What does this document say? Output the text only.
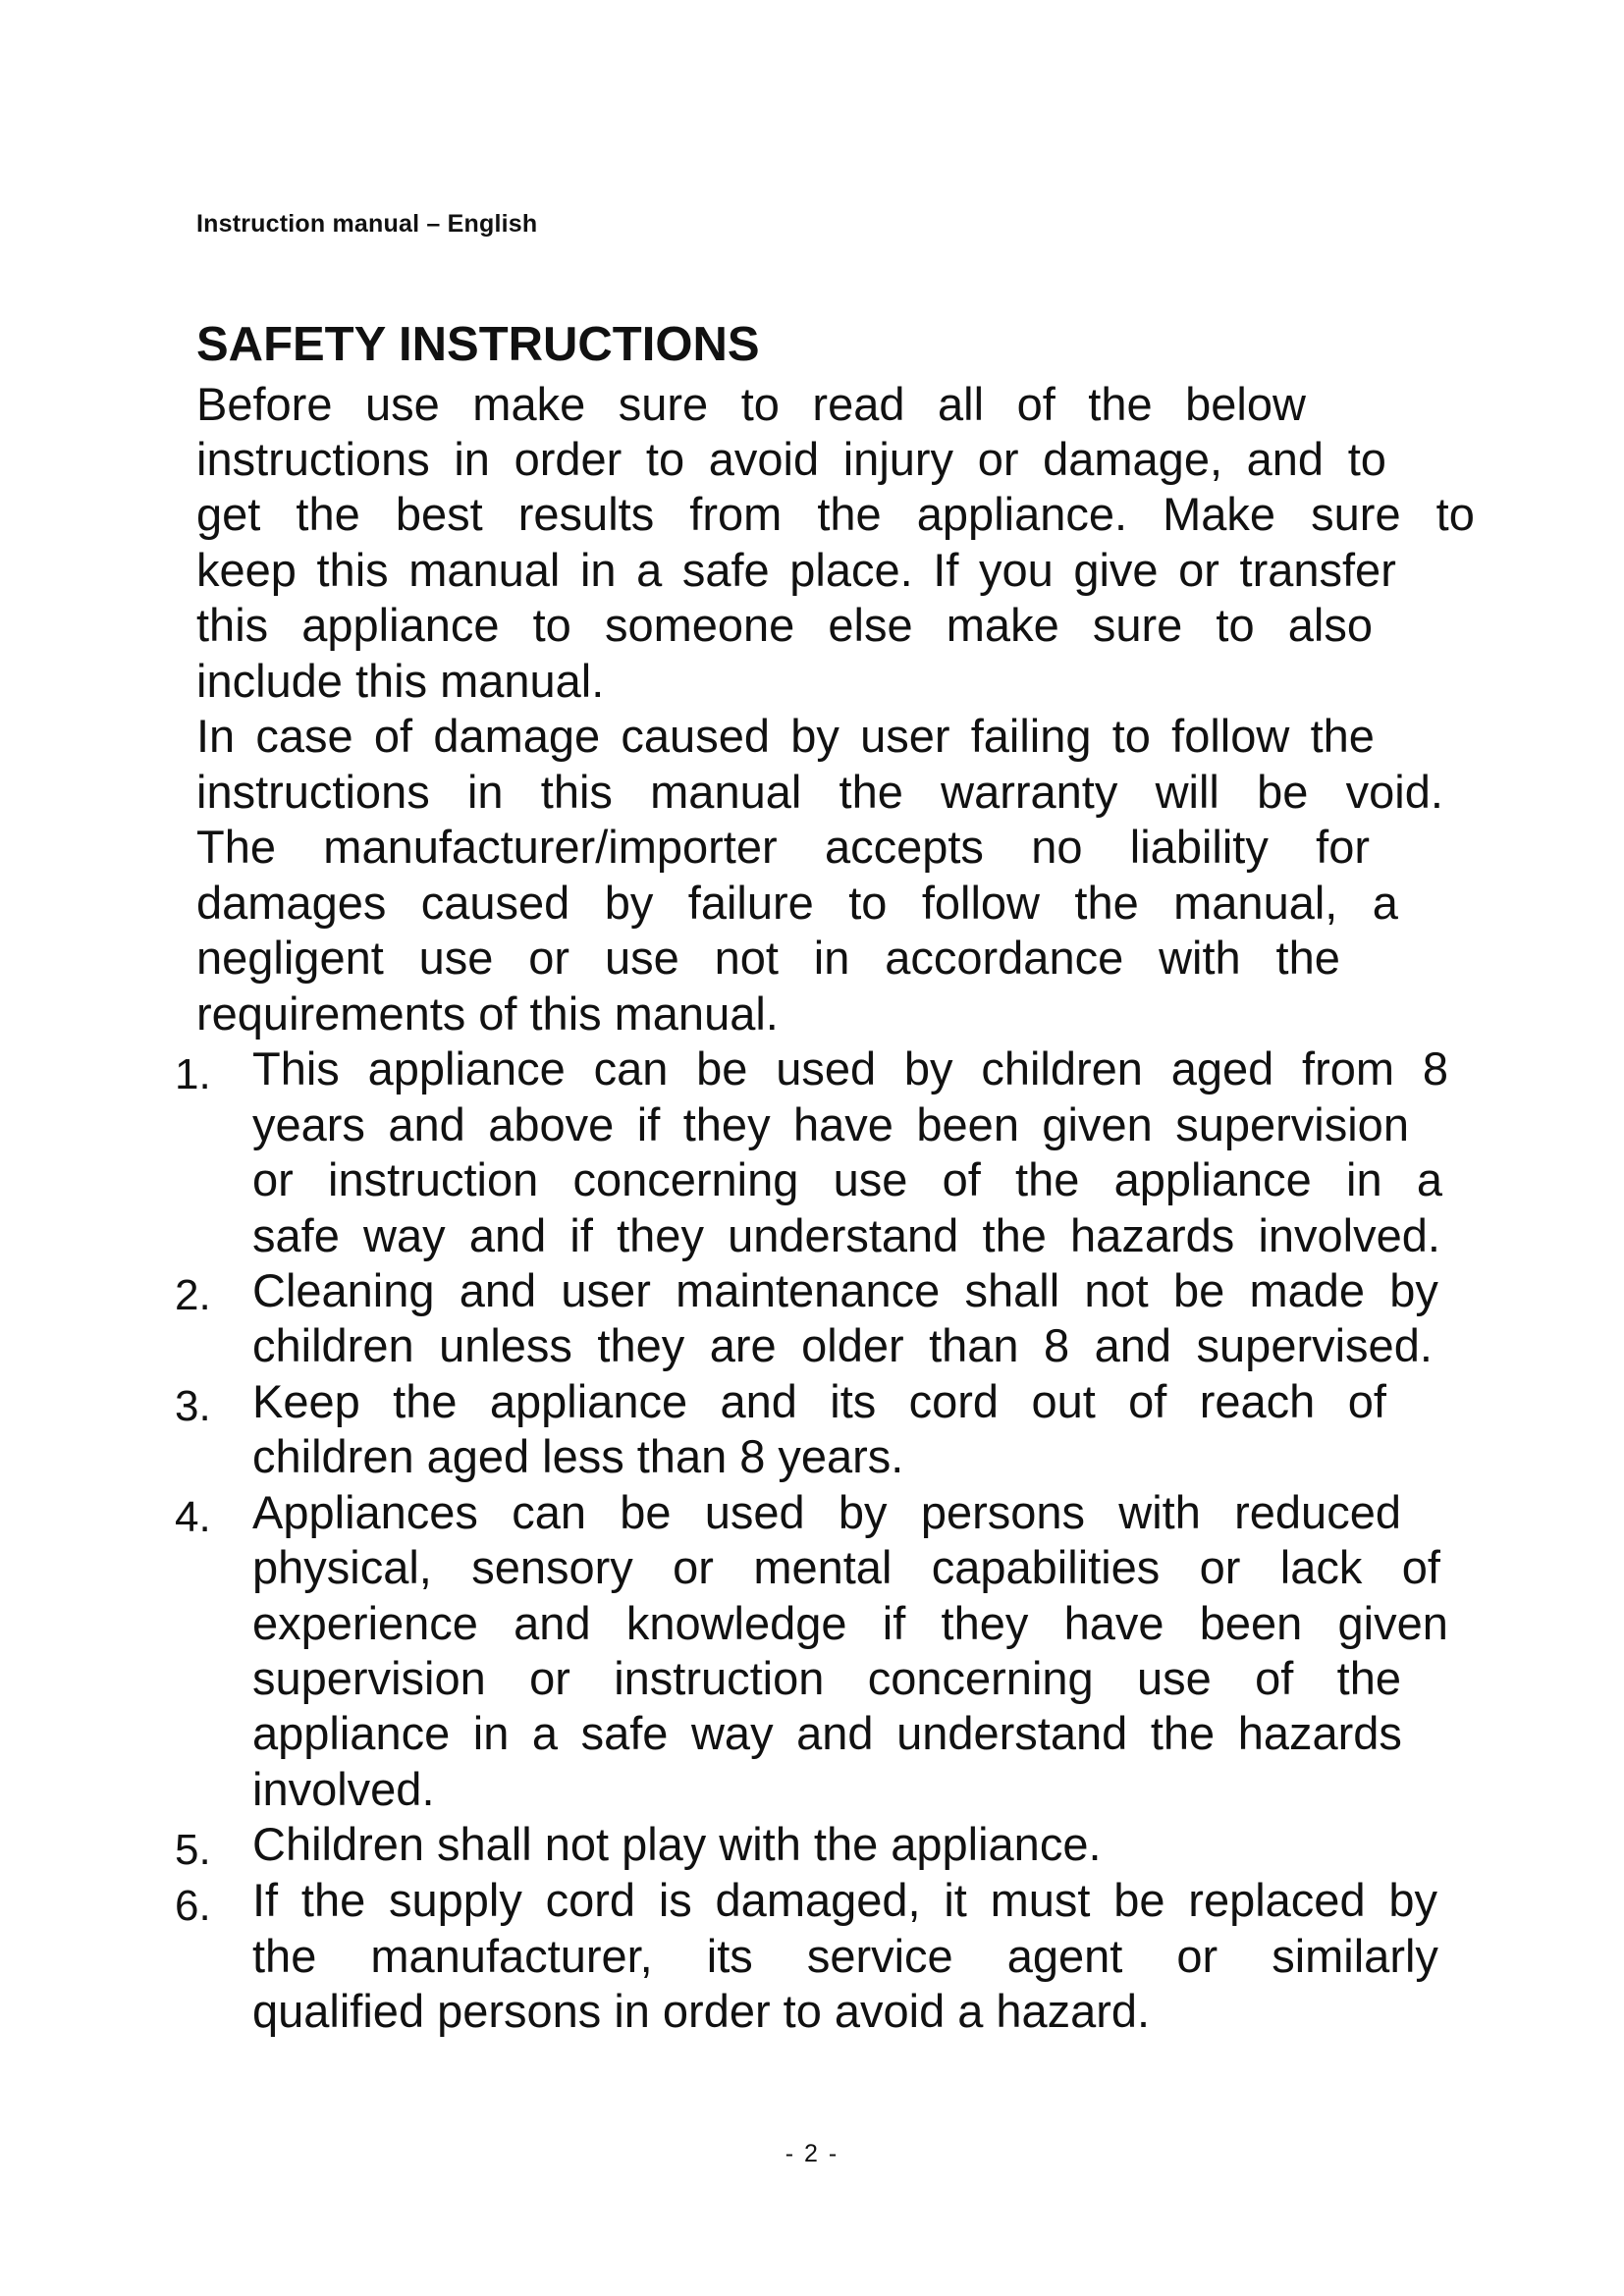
Instruction manual – English
SAFETY INSTRUCTIONS
Before use make sure to read all of the below
instructions in order to avoid injury or damage, and to
get the best results from the appliance. Make sure to
keep this manual in a safe place. If you give or transfer
this appliance to someone else make sure to also
include this manual.
In case of damage caused by user failing to follow the
instructions in this manual the warranty will be void.
The manufacturer/importer accepts no liability for
damages caused by failure to follow the manual, a
negligent use or use not in accordance with the
requirements of this manual.
1. This appliance can be used by children aged from 8
years and above if they have been given supervision
or instruction concerning use of the appliance in a
safe way and if they understand the hazards involved.
2. Cleaning and user maintenance shall not be made by
children unless they are older than 8 and supervised.
3. Keep the appliance and its cord out of reach of
children aged less than 8 years.
4. Appliances can be used by persons with reduced
physical, sensory or mental capabilities or lack of
experience and knowledge if they have been given
supervision or instruction concerning use of the
appliance in a safe way and understand the hazards
involved.
5. Children shall not play with the appliance.
6. If the supply cord is damaged, it must be replaced by
the manufacturer, its service agent or similarly
qualified persons in order to avoid a hazard.
- 2 -
